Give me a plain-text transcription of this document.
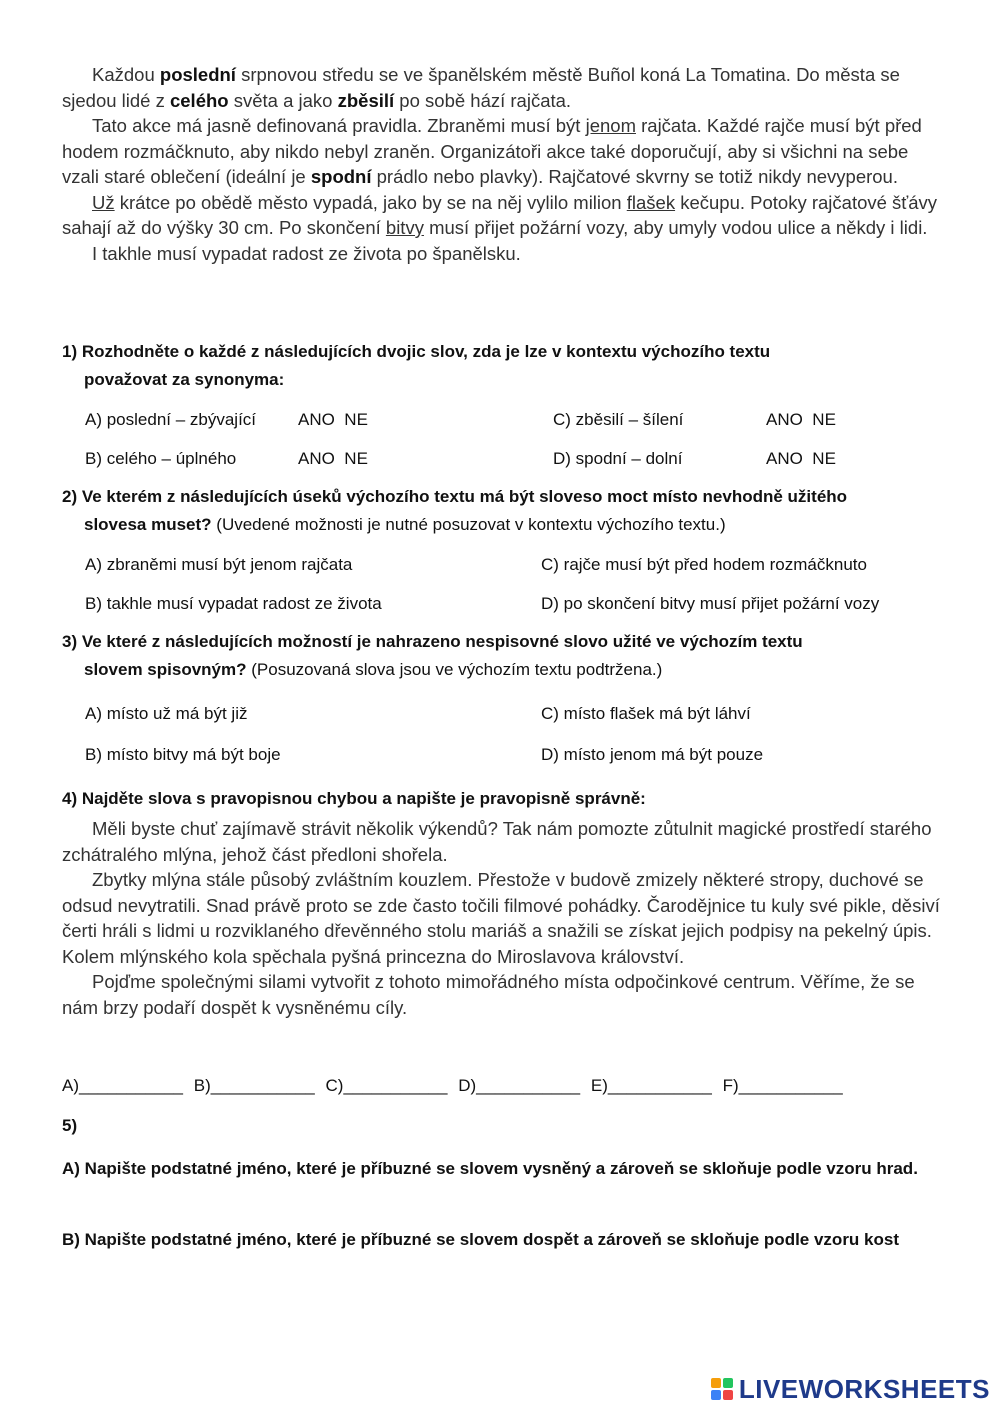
Každou poslední srpnovou středu se ve španělském městě Buñol koná La Tomatina. Do města se sjedou lidé z celého světa a jako zběsilí po sobě hází rajčata.

Tato akce má jasně definovaná pravidla. Zbraněmi musí být jenom rajčata. Každé rajče musí být před hodem rozmáčknuto, aby nikdo nebyl zraněn. Organizátoři akce také doporučují, aby si všichni na sebe vzali staré oblečení (ideální je spodní prádlo nebo plavky). Rajčatové skvrny se totiž nikdy nevyperou.

Už krátce po obědě město vypadá, jako by se na něj vylilo milion flašek kečupu. Potoky rajčatové šťávy sahají až do výšky 30 cm. Po skončení bitvy musí přijet požární vozy, aby umyly vodou ulice a někdy i lidi.

I takhle musí vypadat radost ze života po španělsku.

1) Rozhodněte o každé z následujících dvojic slov, zda je lze v kontextu výchozího textu
považovat za synonyma:
A) poslední – zbývající ANO NE	C) zběsilí – šílení	ANO NE
B) celého – úplného	ANO NE	D) spodní – dolní	ANO NE
2) Ve kterém z následujících úseků výchozího textu má být sloveso moct místo nevhodně užitého
slovesa muset? (Uvedené možnosti je nutné posuzovat v kontextu výchozího textu.)
A) zbraněmi musí být jenom rajčata	C) rajče musí být před hodem rozmáčknuto
B) takhle musí vypadat radost ze života	D) po skončení bitvy musí přijet požární vozy
3) Ve které z následujících možností je nahrazeno nespisovné slovo užité ve výchozím textu
slovem spisovným? (Posuzovaná slova jsou ve výchozím textu podtržena.)
A) místo už má být již	C) místo flašek má být láhví
B) místo bitvy má být boje	D) místo jenom má být pouze
4) Najděte slova s pravopisnou chybou a napište je pravopisně správně:

Měli byste chuť zajímavě strávit několik výkendů? Tak nám pomozte zůtulnit magické prostředí starého zchátralého mlýna, jehož část předloni shořela.

Zbytky mlýna stále působý zvláštním kouzlem. Přestože v budově zmizely některé stropy, duchové se odsud nevytratili. Snad právě proto se zde často točili filmové pohádky. Čarodějnice tu kuly své pikle, děsiví čerti hráli s lidmi u rozviklaného dřevěnného stolu mariáš a snažili se získat jejich podpisy na pekelný úpis. Kolem mlýnského kola spěchala pyšná princezna do Miroslavova království.

Pojďme společnými silami vytvořit z tohoto mimořádného místa odpočinkové centrum. Věříme, že se nám brzy podaří dospět k vysněnému cíly.

A)___________ B)___________ C)___________ D)___________ E)___________ F)___________
5)
A) Napište podstatné jméno, které je příbuzné se slovem vysněný a zároveň se skloňuje podle vzoru hrad.
B) Napište podstatné jméno, které je příbuzné se slovem dospět a zároveň se skloňuje podle vzoru kost
LIVEWORKSHEETS
